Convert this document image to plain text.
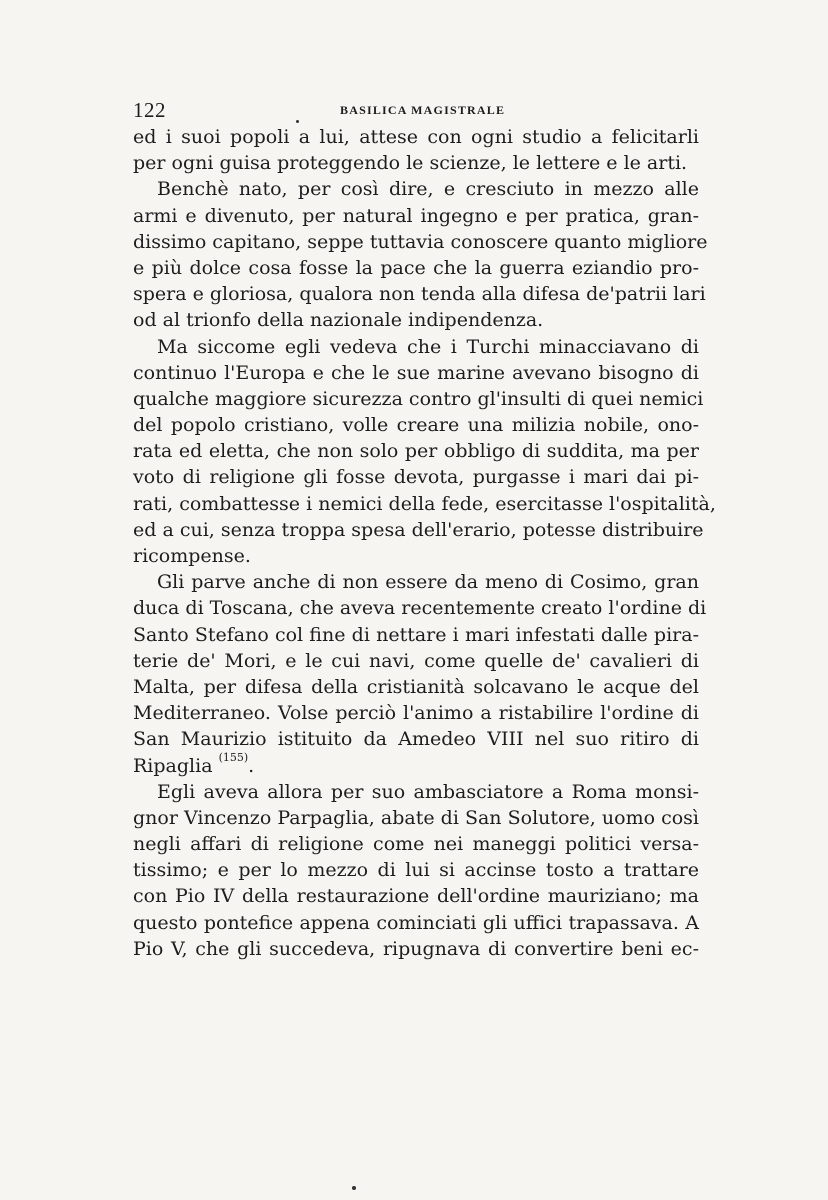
122	BASILICA MAGISTRALE
ed i suoi popoli a lui, attese con ogni studio a felicitarli
per ogni guisa proteggendo le scienze, le lettere e le arti.
Benchè nato, per così dire, e cresciuto in mezzo alle
armi e divenuto, per natural ingegno e per pratica, gran-
dissimo capitano, seppe tuttavia conoscere quanto migliore
e più dolce cosa fosse la pace che la guerra eziandio pro-
spera e gloriosa, qualora non tenda alla difesa de'patrii lari
od al trionfo della nazionale indipendenza.
Ma siccome egli vedeva che i Turchi minacciavano di
continuo l'Europa e che le sue marine avevano bisogno di
qualche maggiore sicurezza contro gl'insulti di quei nemici
del popolo cristiano, volle creare una milizia nobile, ono-
rata ed eletta, che non solo per obbligo di suddita, ma per
voto di religione gli fosse devota, purgasse i mari dai pi-
rati, combattesse i nemici della fede, esercitasse l'ospitalità,
ed a cui, senza troppa spesa dell'erario, potesse distribuire
ricompense.
Gli parve anche di non essere da meno di Cosimo, gran
duca di Toscana, che aveva recentemente creato l'ordine di
Santo Stefano col fine di nettare i mari infestati dalle pira-
terie de' Mori, e le cui navi, come quelle de' cavalieri di
Malta, per difesa della cristianità solcavano le acque del
Mediterraneo. Volse perciò l'animo a ristabilire l'ordine di
San Maurizio istituito da Amedeo VIII nel suo ritiro di
Ripaglia $^{(155)}$.
Egli aveva allora per suo ambasciatore a Roma monsi-
gnor Vincenzo Parpaglia, abate di San Solutore, uomo così
negli affari di religione come nei maneggi politici versa-
tissimo; e per lo mezzo di lui si accinse tosto a trattare
con Pio IV della restaurazione dell'ordine mauriziano; ma
questo pontefice appena cominciati gli uffici trapassava. A
Pio V, che gli succedeva, ripugnava di convertire beni ec-
